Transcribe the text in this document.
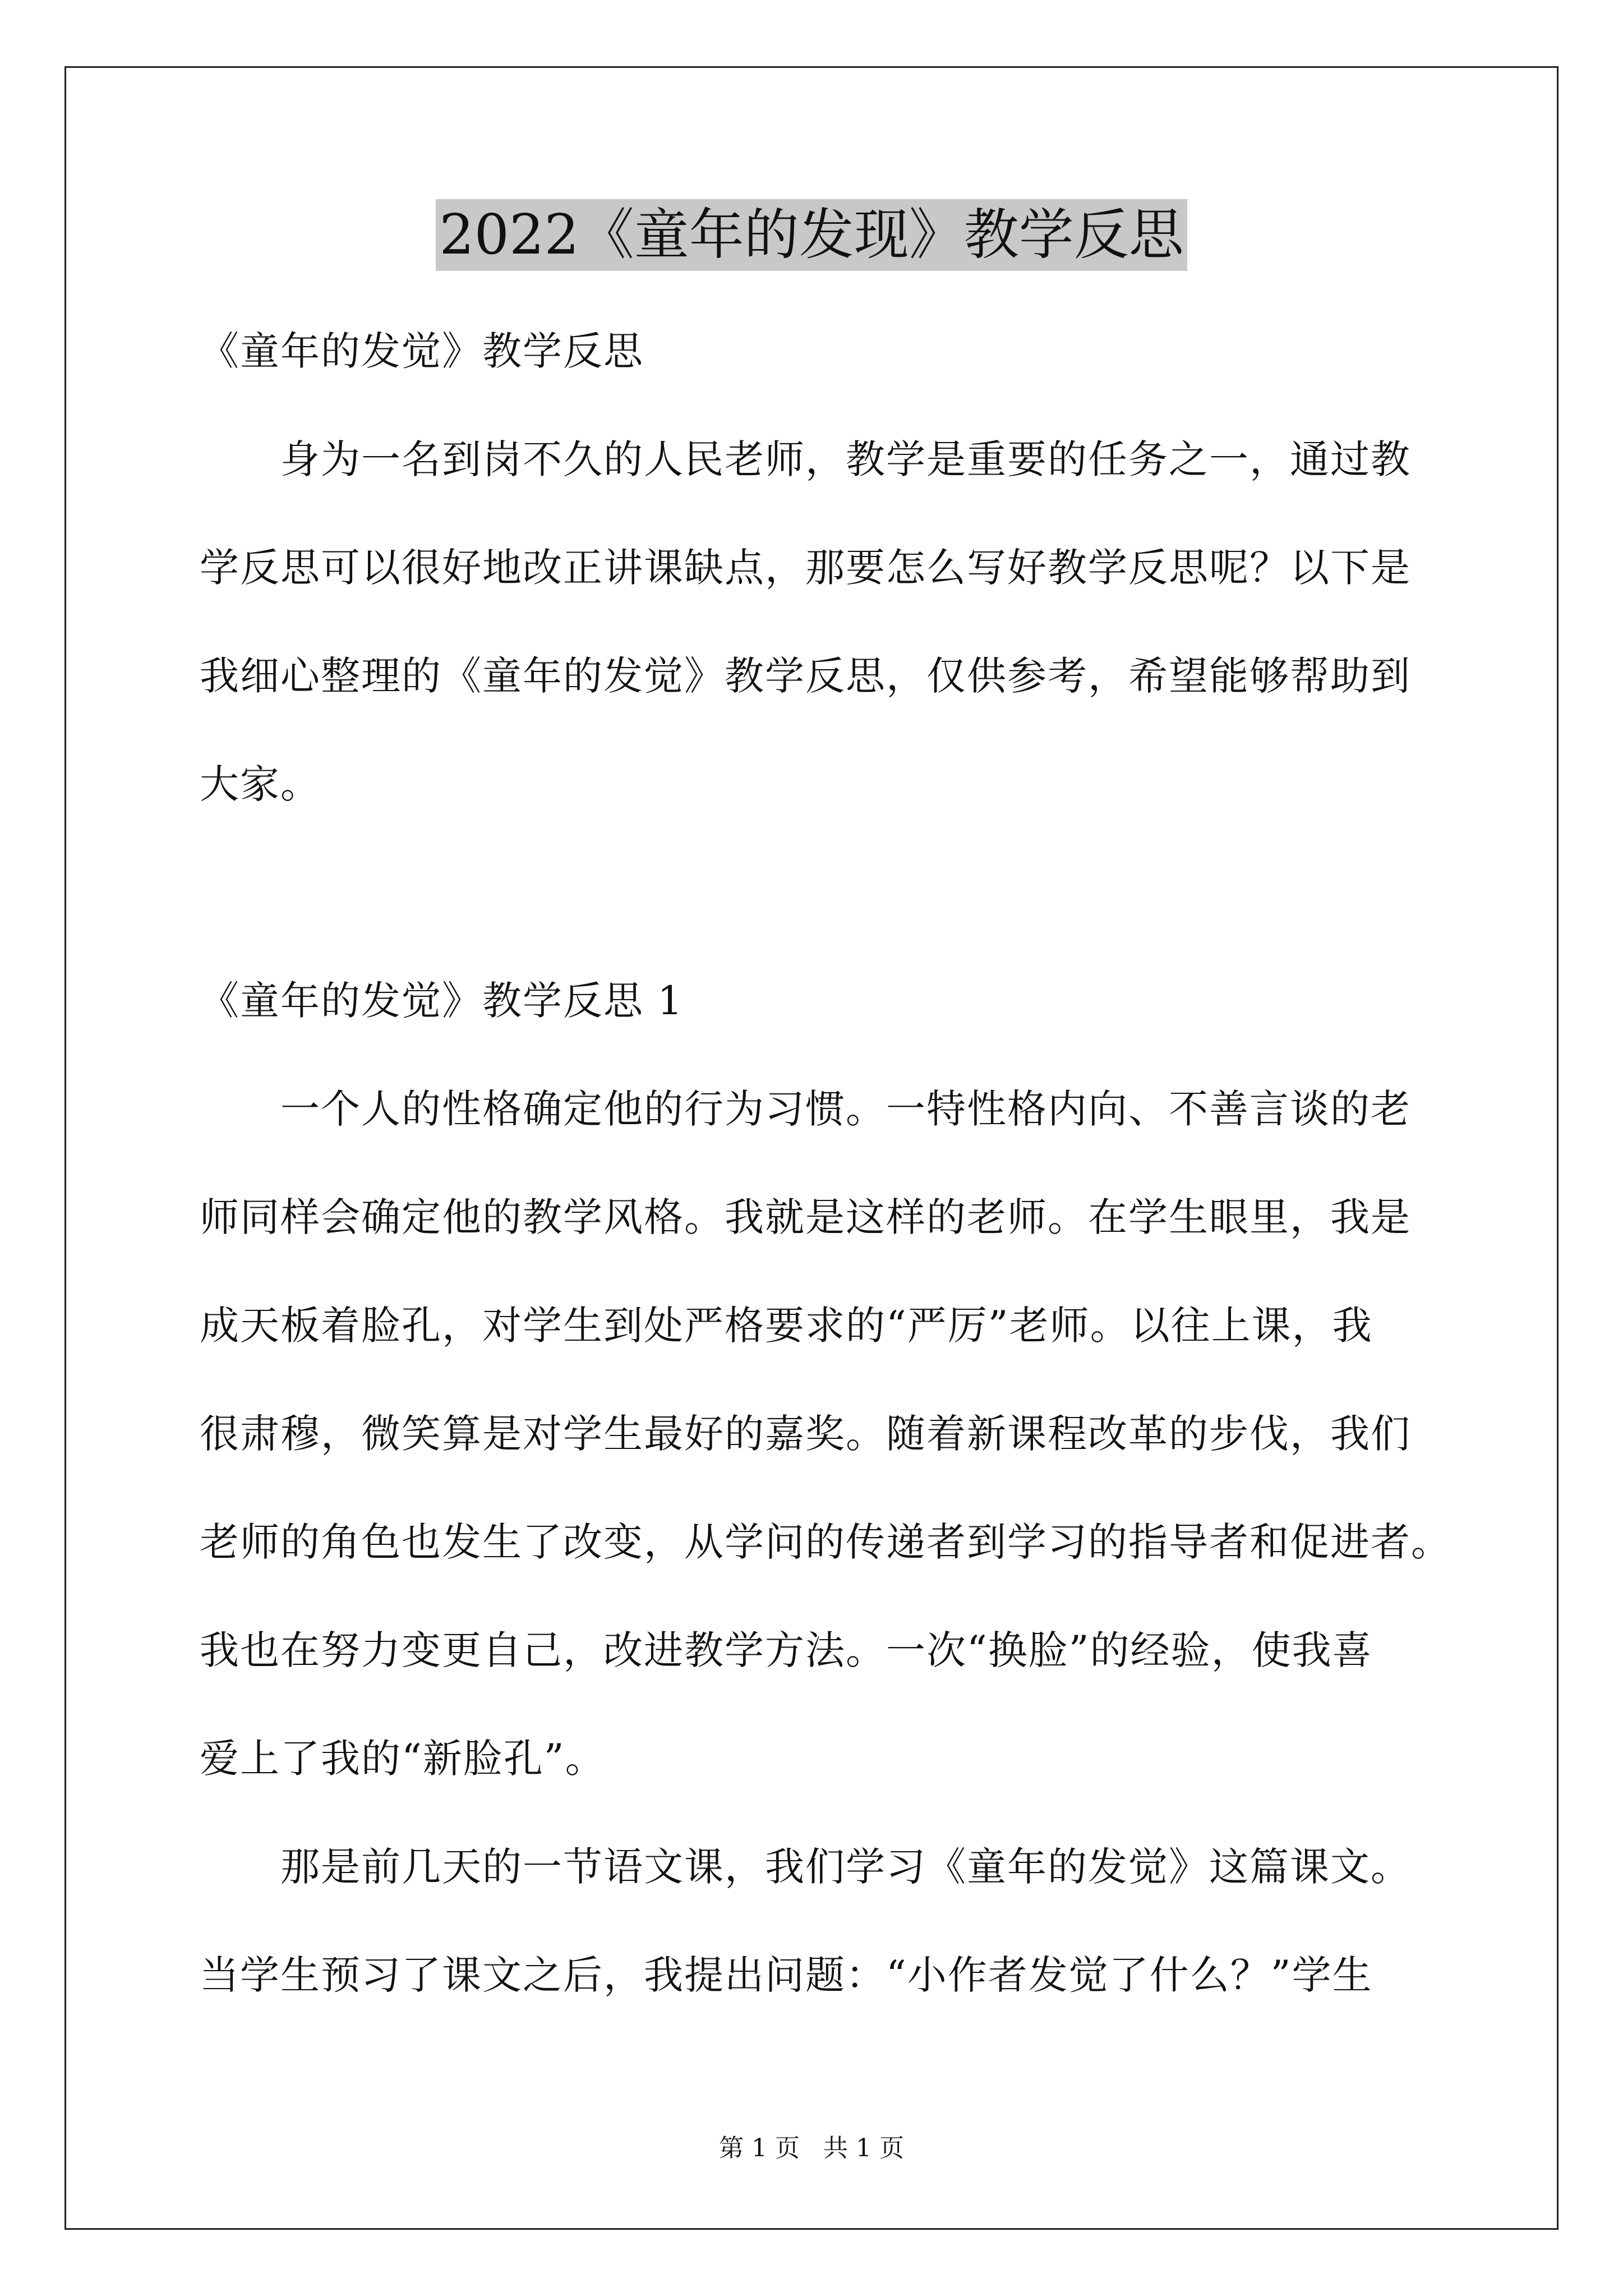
2022《童年的发现》教学反思
《童年的发觉》教学反思
身为一名到岗不久的人民老师，教学是重要的任务之一，通过教
学反思可以很好地改正讲课缺点，那要怎么写好教学反思呢？以下是
我细心整理的《童年的发觉》教学反思，仅供参考，希望能够帮助到
大家。
《童年的发觉》教学反思 1
一个人的性格确定他的行为习惯。一特性格内向、不善言谈的老
师同样会确定他的教学风格。我就是这样的老师。在学生眼里，我是
成天板着脸孔，对学生到处严格要求的“严厉”老师。以往上课，我
很肃穆，微笑算是对学生最好的嘉奖。随着新课程改革的步伐，我们
老师的角色也发生了改变，从学问的传递者到学习的指导者和促进者。
我也在努力变更自己，改进教学方法。一次“换脸”的经验，使我喜
爱上了我的“新脸孔”。
那是前几天的一节语文课，我们学习《童年的发觉》这篇课文。
当学生预习了课文之后，我提出问题：“小作者发觉了什么？”学生
第 1 页 共 1 页
